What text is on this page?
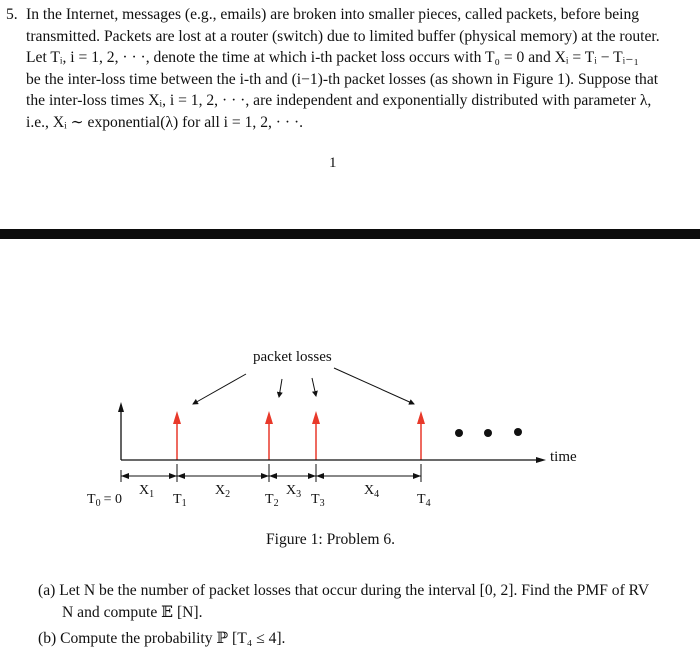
5. In the Internet, messages (e.g., emails) are broken into smaller pieces, called packets, before being
transmitted. Packets are lost at a router (switch) due to limited buffer (physical memory) at the router.
Let Tᵢ, i = 1, 2, · · ·, denote the time at which i-th packet loss occurs with T₀ = 0 and Xᵢ = Tᵢ − Tᵢ₋₁
be the inter-loss time between the i-th and (i−1)-th packet losses (as shown in Figure 1). Suppose that
the inter-loss times Xᵢ, i = 1, 2, · · ·, are independent and exponentially distributed with parameter λ,
i.e., Xᵢ ∼ exponential(λ) for all i = 1, 2, · · ·.
1
packet losses
time
$T_0 = 0$
$X_1$	$X_2$	$X_3$	$X_4$
$T_1$	$T_2$ $T_3$	$T_4$
Figure 1: Problem 6.
(a) Let N be the number of packet losses that occur during the interval [0, 2]. Find the PMF of RV
N and compute 𝔼 [N].
(b) Compute the probability ℙ [T₄ ≤ 4].
